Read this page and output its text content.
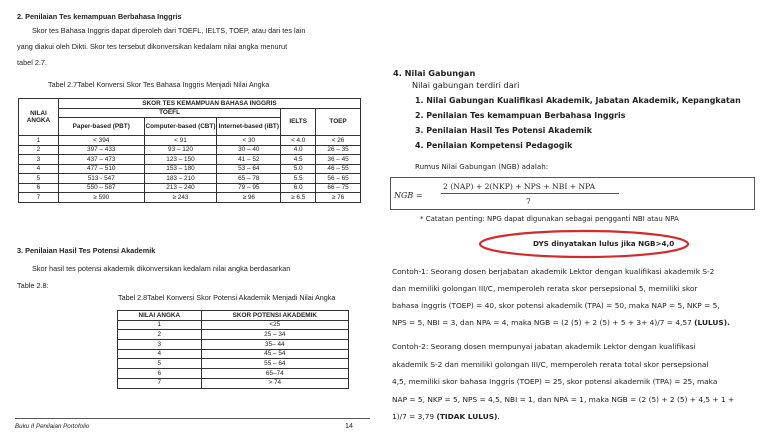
2. Penilaian Tes kemampuan Berbahasa Inggris
Skor tes Bahasa Inggris dapat diperoleh dari TOEFL, IELTS, TOEP, atau dari tes lain
yang diakui oleh Dikti. Skor tes tersebut dikonversikan kedalam nilai angka menurut
tabel 2.7.
Tabel 2.7Tabel Konversi Skor Tes Bahasa Inggris Menjadi Nilai Angka
NILAI ANGKA	SKOR TES KEMAMPUAN BAHASA INGGRIS				
	TOEFL			IELTS	TOEP
	Paper-based (PBT)	Computer-based (CBT)	Internet-based (iBT)		
1	< 394	< 91	< 30	< 4.0	< 26
2	397 – 433	93 – 120	30 – 40	4.0	26 – 35
3	437 – 473	123 – 150	41 – 52	4.5	36 – 45
4	477 – 510	153 – 180	53 – 64	5.0	46 – 55
5	513 - 547	183 – 210	65 – 78	5.5	56 – 65
6	550 – 587	213 – 240	79 – 95	6.0	66 – 75
7	≥ 590	≥ 243	≥ 96	≥ 6.5	≥ 76
3. Penilaian Hasil Tes Potensi Akademik
Skor hasil tes potensi akademik dikonversikan kedalam nilai angka berdasarkan
Table 2.8:
Tabel 2.8Tabel Konversi Skor Potensi Akademik Menjadi Nilai Angka
NILAI ANGKA	SKOR POTENSI AKADEMIK
1	<25
2	25 – 34
3	35– 44
4	45 – 54
5	55 – 64
6	65–74
7	> 74
Buku II Penilaian Portofolio	14
4. Nilai Gabungan
Nilai gabungan terdiri dari
1. Nilai Gabungan Kualifikasi Akademik, Jabatan Akademik, Kepangkatan
2. Penilaian Tes kemampuan Berbahasa Inggris
3. Penilaian Hasil Tes Potensi Akademik
4. Penilaian Kompetensi Pedagogik
Rumus Nilai Gabungan (NGB) adalah:
NGB =
2 (NAP) + 2(NKP) + NPS + NBI + NPA
7
* Catatan penting: NPG dapat digunakan sebagai pengganti NBI atau NPA
DYS dinyatakan lulus jika NGB>4,0
Contoh-1: Seorang dosen berjabatan akademik Lektor dengan kualifikasi akademik S-2
dan memiliki golongan III/C, memperoleh rerata skor persepsional 5, memiliki skor
bahasa inggris (TOEP) = 40, skor potensi akademik (TPA) = 50, maka NAP = 5, NKP = 5,
NPS = 5, NBI = 3, dan NPA = 4, maka NGB = (2 (5) + 2 (5) + 5 + 3+ 4)/7 = 4,57 (LULUS).
Contoh-2: Seorang dosen mempunyai jabatan akademik Lektor dengan kualifikasi
akademik S-2 dan memiliki golongan III/C, memperoleh rerata total skor persepsional
4,5, memiliki skor bahasa Inggris (TOEP) = 25, skor potensi akademik (TPA) = 25, maka
NAP = 5, NKP = 5, NPS = 4,5, NBI = 1, dan NPA = 1, maka NGB = (2 (5) + 2 (5) + 4,5 + 1 +
1)/7 = 3,79 (TIDAK LULUS).
